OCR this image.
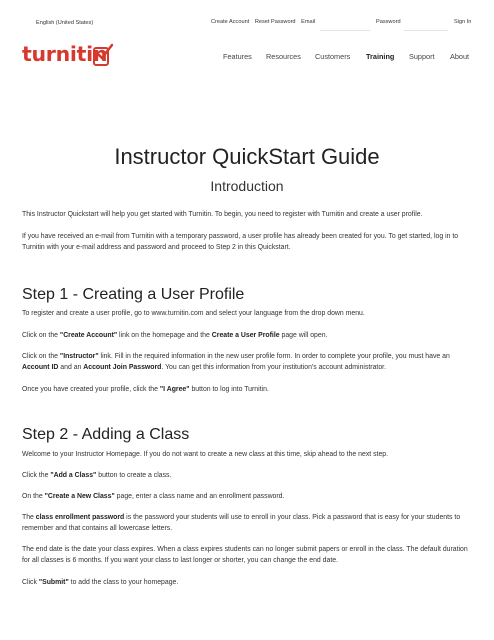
English (United States)	Create Account Reset Password Email	Password	Sign In
turnitin	Features Resources Customers Training Support About
Instructor QuickStart Guide
Introduction

This Instructor Quickstart will help you get started with Turnitin. To begin, you need to register with Turnitin and create a user profile.

If you have received an e-mail from Turnitin with a temporary password, a user profile has already been created for you. To get started, log in to Turnitin with your e-mail address and password and proceed to Step 2 in this Quickstart.

Step 1 - Creating a User Profile

To register and create a user profile, go to www.turnitin.com and select your language from the drop down menu.

Click on the "Create Account" link on the homepage and the Create a User Profile page will open.

Click on the "Instructor" link. Fill in the required information in the new user profile form. In order to complete your profile, you must have an Account ID and an Account Join Password. You can get this information from your institution's account administrator.

Once you have created your profile, click the "I Agree" button to log into Turnitin.

Step 2 - Adding a Class

Welcome to your Instructor Homepage. If you do not want to create a new class at this time, skip ahead to the next step.

Click the "Add a Class" button to create a class.

On the "Create a New Class" page, enter a class name and an enrollment password.

The class enrollment password is the password your students will use to enroll in your class. Pick a password that is easy for your students to remember and that contains all lowercase letters.

The end date is the date your class expires. When a class expires students can no longer submit papers or enroll in the class. The default duration for all classes is 6 months. If you want your class to last longer or shorter, you can change the end date.

Click "Submit" to add the class to your homepage.
